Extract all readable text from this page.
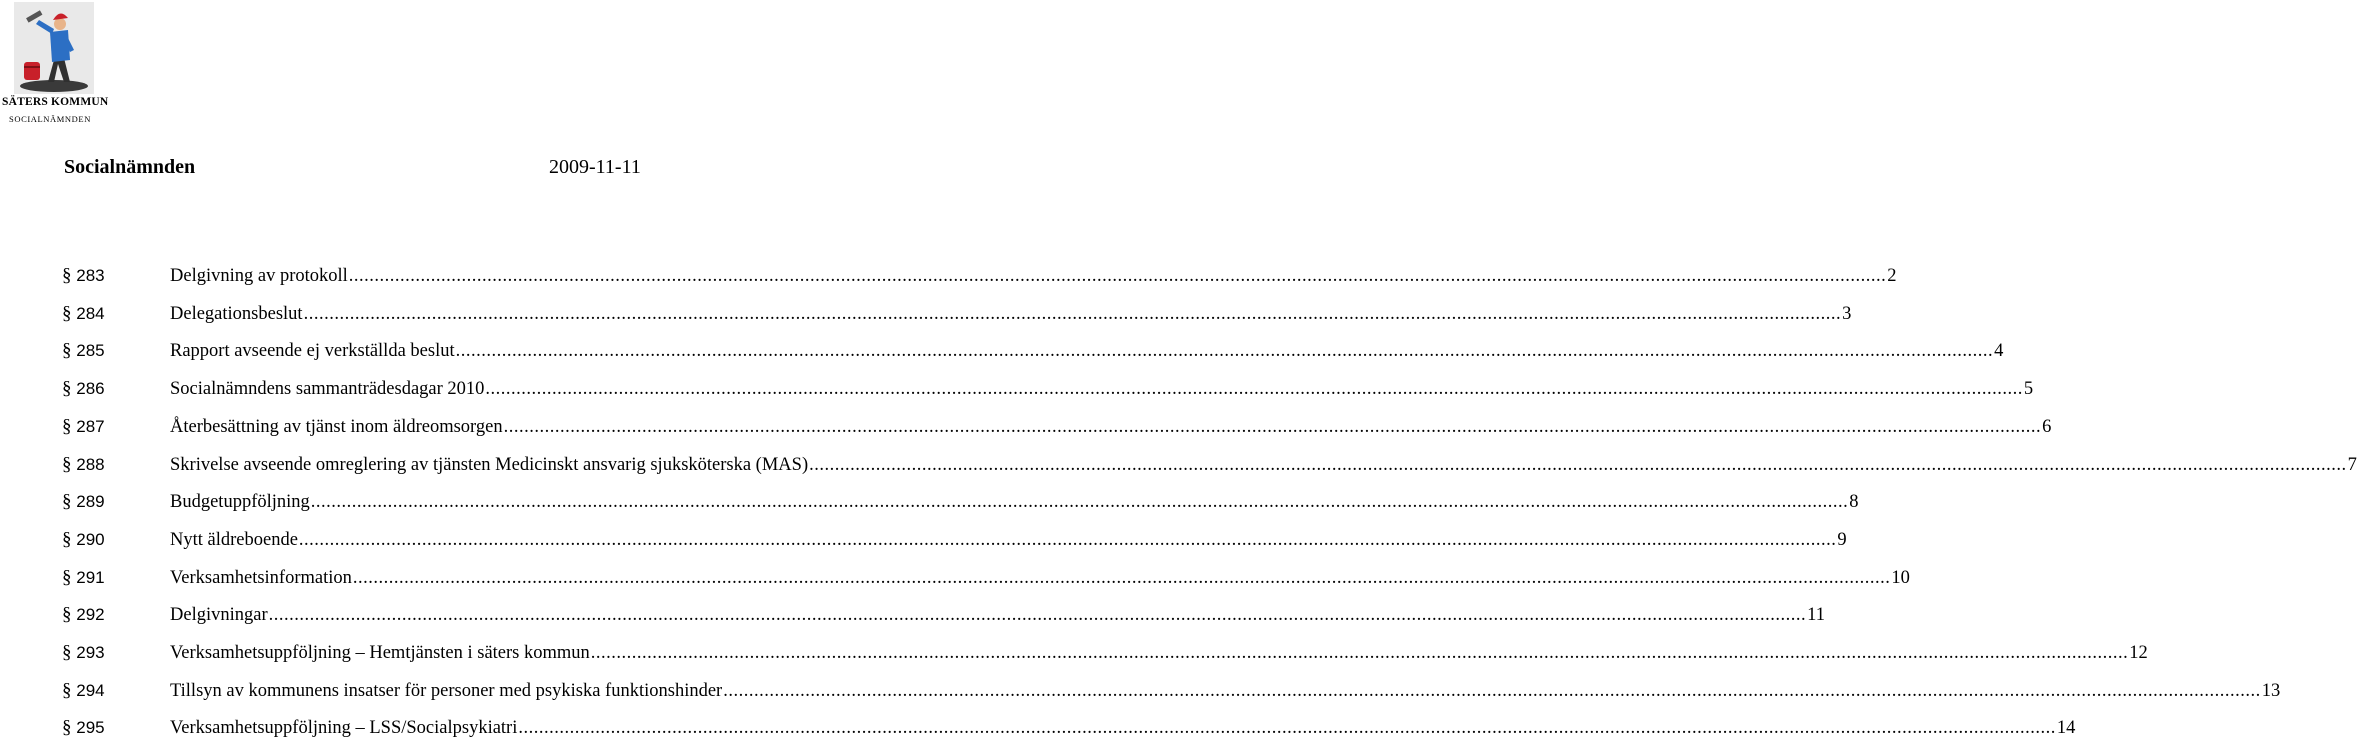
SÄTERS KOMMUN
SOCIALNÄMNDEN
Socialnämnden	2009-11-11
§ 283	Delgivning av protokoll ............................................................................................................................................................................................................................................................................................................ 2
§ 284	Delegationsbeslut ............................................................................................................................................................................................................................................................................................................ 3
§ 285	Rapport avseende ej verkställda beslut ............................................................................................................................................................................................................................................................................................................ 4
§ 286	Socialnämndens sammanträdesdagar 2010 ............................................................................................................................................................................................................................................................................................................ 5
§ 287	Återbesättning av tjänst inom äldreomsorgen ............................................................................................................................................................................................................................................................................................................ 6
§ 288	Skrivelse avseende omreglering av tjänsten Medicinskt ansvarig sjuksköterska (MAS) ............................................................................................................................................................................................................................................................................................................ 7
§ 289	Budgetuppföljning ............................................................................................................................................................................................................................................................................................................ 8
§ 290	Nytt äldreboende ............................................................................................................................................................................................................................................................................................................ 9
§ 291	Verksamhetsinformation ............................................................................................................................................................................................................................................................................................................ 10
§ 292	Delgivningar ............................................................................................................................................................................................................................................................................................................ 11
§ 293	Verksamhetsuppföljning – Hemtjänsten i säters kommun ............................................................................................................................................................................................................................................................................................................ 12
§ 294	Tillsyn av kommunens insatser för personer med psykiska funktionshinder ............................................................................................................................................................................................................................................................................................................ 13
§ 295	Verksamhetsuppföljning – LSS/Socialpsykiatri ............................................................................................................................................................................................................................................................................................................ 14
